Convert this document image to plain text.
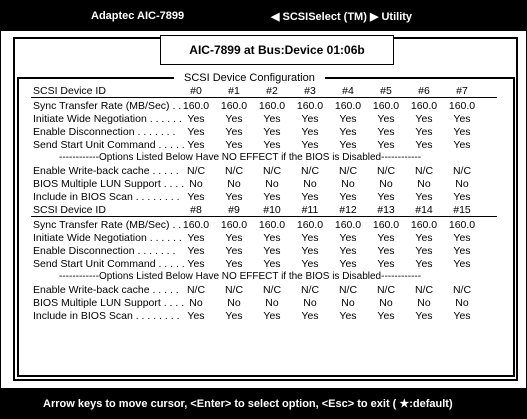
Adaptec AIC-7899	◀ SCSISelect (TM) ▶ Utility
AIC-7899 at Bus:Device 01:06b
SCSI Device Configuration
SCSI Device ID	#0	#1	#2	#3	#4	#5	#6	#7
Sync Transfer Rate (MB/Sec) . . 160.0	160.0	160.0	160.0	160.0	160.0	160.0	160.0
Initiate Wide Negotiation . . . . . . Yes	Yes	Yes	Yes	Yes	Yes	Yes	Yes
Enable Disconnection . . . . . . .	Yes	Yes	Yes	Yes	Yes	Yes	Yes	Yes
Send Start Unit Command . . . . . Yes	Yes	Yes	Yes	Yes	Yes	Yes	Yes
------------Options Listed Below Have NO EFFECT if the BIOS is Disabled------------
Enable Write-back cache . . . . . N/C	N/C	N/C	N/C	N/C	N/C	N/C	N/C
BIOS Multiple LUN Support . . . . No	No	No	No	No	No	No	No
Include in BIOS Scan . . . . . . . . Yes	Yes	Yes	Yes	Yes	Yes	Yes	Yes
SCSI Device ID	#8	#9	#10	#11	#12	#13	#14	#15
Sync Transfer Rate (MB/Sec) . . 160.0	160.0	160.0	160.0	160.0	160.0	160.0	160.0
Initiate Wide Negotiation . . . . . . Yes	Yes	Yes	Yes	Yes	Yes	Yes	Yes
Enable Disconnection . . . . . . .	Yes	Yes	Yes	Yes	Yes	Yes	Yes	Yes
Send Start Unit Command . . . . . Yes	Yes	Yes	Yes	Yes	Yes	Yes	Yes
------------Options Listed Below Have NO EFFECT if the BIOS is Disabled------------
Enable Write-back cache . . . . . N/C	N/C	N/C	N/C	N/C	N/C	N/C	N/C
BIOS Multiple LUN Support . . . . No	No	No	No	No	No	No	No
Include in BIOS Scan . . . . . . . . Yes	Yes	Yes	Yes	Yes	Yes	Yes	Yes
Arrow keys to move cursor, <Enter> to select option, <Esc> to exit ( ★:default)
